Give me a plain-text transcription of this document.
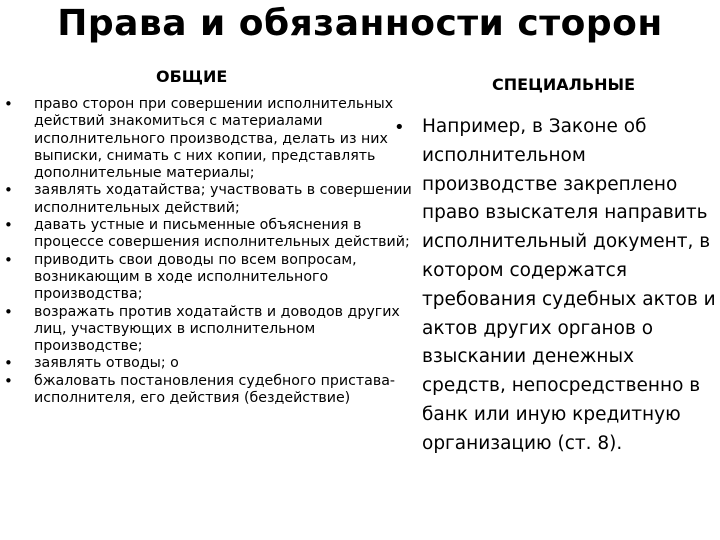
Права и обязанности сторон
ОБЩИЕ	СПЕЦИАЛЬНЫЕ
• право сторон при совершении исполнительных действий знакомиться с материалами исполнительного производства, делать из них выписки, снимать с них копии, представлять дополнительные материалы;
• заявлять ходатайства; участвовать в совершении исполнительных действий;
• давать устные и письменные объяснения в процессе совершения исполнительных действий;
• приводить свои доводы по всем вопросам, возникающим в ходе исполнительного производства;
• возражать против ходатайств и доводов других лиц, участвующих в исполнительном производстве;
• заявлять отводы; о
• бжаловать постановления судебного пристава-исполнителя, его действия (бездействие)
• Например, в Законе об исполнительном производстве закреплено право взыскателя направить исполнительный документ, в котором содержатся требования судебных актов и актов других органов о взыскании денежных средств, непосредственно в банк или иную кредитную организацию (ст. 8).
